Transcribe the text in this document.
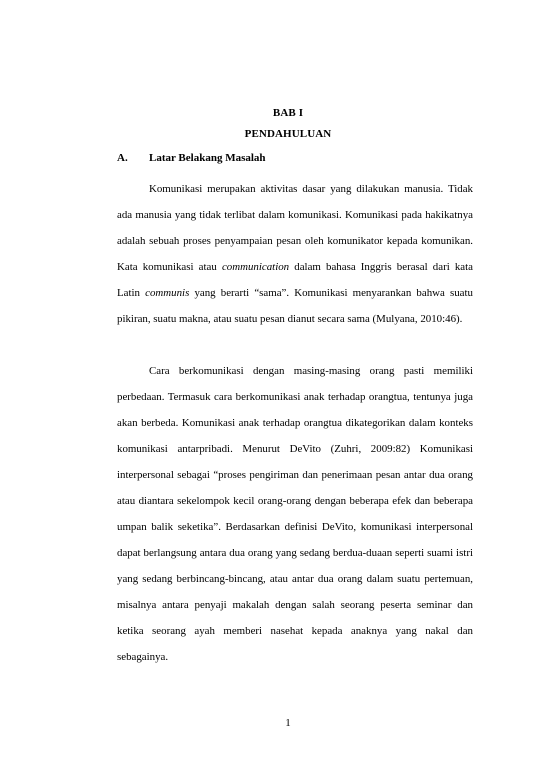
BAB I
PENDAHULUAN
A. Latar Belakang Masalah

Komunikasi merupakan aktivitas dasar yang dilakukan manusia. Tidak ada manusia yang tidak terlibat dalam komunikasi. Komunikasi pada hakikatnya adalah sebuah proses penyampaian pesan oleh komunikator kepada komunikan. Kata komunikasi atau communication dalam bahasa Inggris berasal dari kata Latin communis yang berarti “sama”. Komunikasi menyarankan bahwa suatu pikiran, suatu makna, atau suatu pesan dianut secara sama (Mulyana, 2010:46).

Cara berkomunikasi dengan masing-masing orang pasti memiliki perbedaan. Termasuk cara berkomunikasi anak terhadap orangtua, tentunya juga akan berbeda. Komunikasi anak terhadap orangtua dikategorikan dalam konteks komunikasi antarpribadi. Menurut DeVito (Zuhri, 2009:82) Komunikasi interpersonal sebagai “proses pengiriman dan penerimaan pesan antar dua orang atau diantara sekelompok kecil orang-orang dengan beberapa efek dan beberapa umpan balik seketika”. Berdasarkan definisi DeVito, komunikasi interpersonal dapat berlangsung antara dua orang yang sedang berdua-duaan seperti suami istri yang sedang berbincang-bincang, atau antar dua orang dalam suatu pertemuan, misalnya antara penyaji makalah dengan salah seorang peserta seminar dan ketika seorang ayah memberi nasehat kepada anaknya yang nakal dan sebagainya.

1
